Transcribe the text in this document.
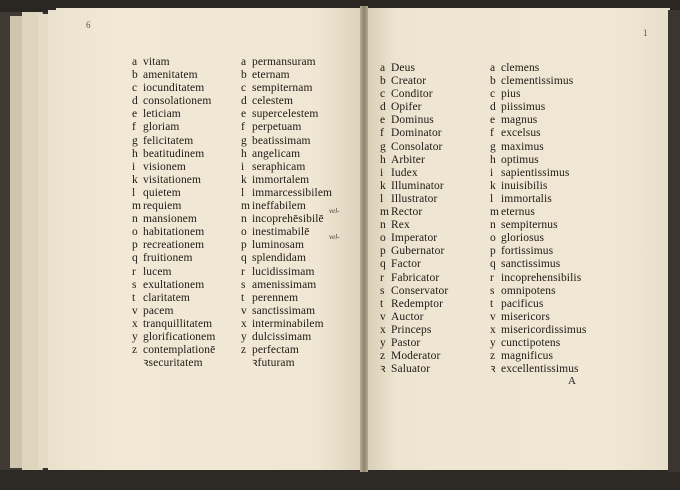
6
1
a vitam
b amenitatem
c iocunditatem
d consolationem
e leticiam
f gloriam
g felicitatem
h beatitudinem
i visionem
k visitationem
l quietem
m requiem
n mansionem
o habitationem
p recreationem
q fruitionem
r lucem
s exultationem
t claritatem
v pacem
x tranquillitatem
y glorificationem
z contemplationē
ꝛsecuritatem
a permansuram
b eternam
c sempiternam
d celestem
e supercelestem
f perpetuam
g beatissimam
h angelicam
i seraphicam
k immortalem
l immarcessibilem
m ineffabilem
n incoprehēsibilē
o inestimabilē
p luminosam
q splendidam
r lucidissimam
s amenissimam
t perennem
v sanctissimam
x interminabilem
y dulcissimam
z perfectam
ꝛfuturam
a Deus
b Creator
c Conditor
d Opifer
e Dominus
f Dominator
g Consolator
h Arbiter
i Iudex
k Illuminator
l Illustrator
m Rector
n Rex
o Imperator
p Gubernator
q Factor
r Fabricator
s Conservator
t Redemptor
v Auctor
x Princeps
y Pastor
z Moderator
ꝛ Saluator
a clemens
b clementissimus
c pius
d piissimus
e magnus
f excelsus
g maximus
h optimus
i sapientissimus
k inuisibilis
l immortalis
m eternus
n sempiternus
o gloriosus
p fortissimus
q sanctissimus
r incoprehensibilis
s omnipotens
t pacificus
v misericors
x misericordissimus
y cunctipotens
z magnificus
ꝛ excellentissimus
vel-
vel-
A
